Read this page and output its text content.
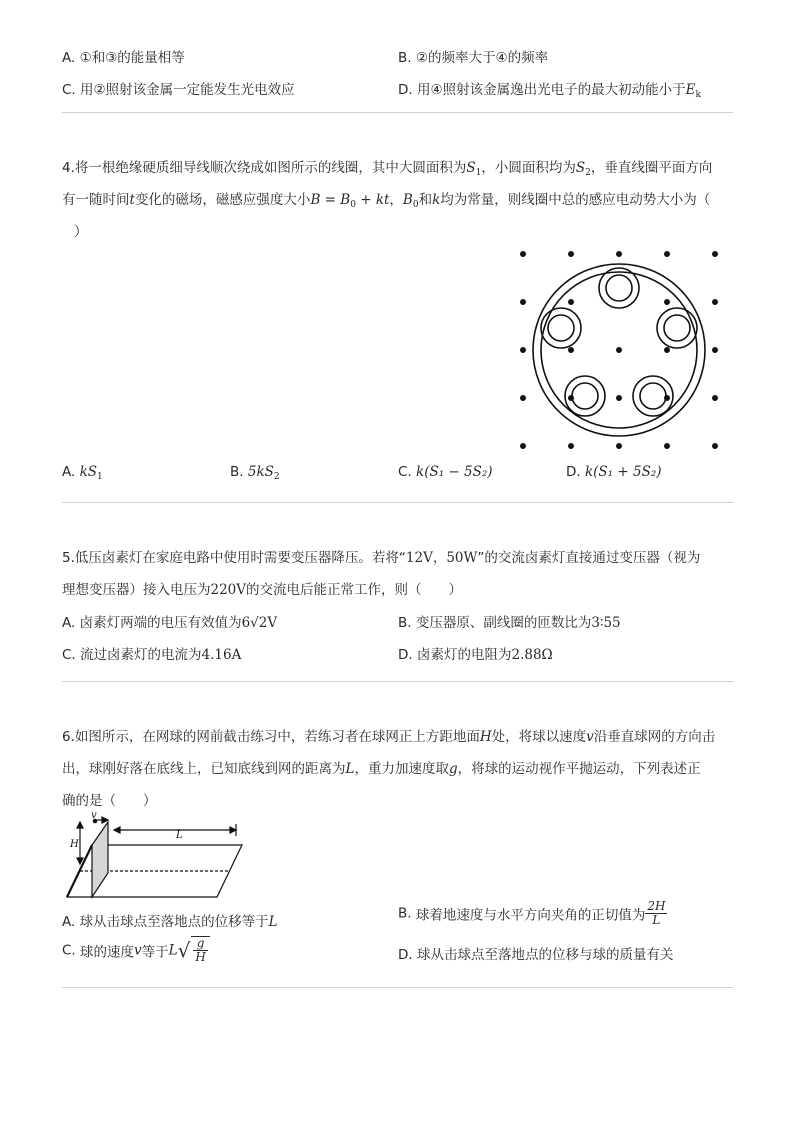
A. ①和③的能量相等	B. ②的频率大于④的频率
C. 用②照射该金属一定能发生光电效应	D. 用④照射该金属逸出光电子的最大初动能小于$E_k$
4.将一根绝缘硬质细导线顺次绕成如图所示的线圈，其中大圆面积为$S_1$，小圆面积均为$S_2$，垂直线圈平面方向
有一随时间t变化的磁场，磁感应强度大小$B = B_0$ + kt，$B_0$和k均为常量，则线圈中总的感应电动势大小为（
）
A. $kS_1$	B. $5kS_2$	C. k(S₁ − 5S₂)	D. k(S₁ + 5S₂)
5.低压卤素灯在家庭电路中使用时需要变压器降压。若将“12V，50W”的交流卤素灯直接通过变压器（视为
理想变压器）接入电压为220V的交流电后能正常工作，则（　　）
A. 卤素灯两端的电压有效值为6√2V	B. 变压器原、副线圈的匝数比为3∶55
C. 流过卤素灯的电流为4.16A	D. 卤素灯的电阻为2.88Ω
6.如图所示，在网球的网前截击练习中，若练习者在球网正上方距地面H处，将球以速度v沿垂直球网的方向击
出，球刚好落在底线上，已知底线到网的距离为L，重力加速度取g，将球的运动视作平抛运动，下列表述正
确的是（　　）
H
v
L
A. 球从击球点至落地点的位移等于L
B. 球着地速度与水平方向夹角的正切值为 $\frac{2H}{L}$
C. 球的速度v等于$L√ \frac{g}{H}$	D. 球从击球点至落地点的位移与球的质量有关
